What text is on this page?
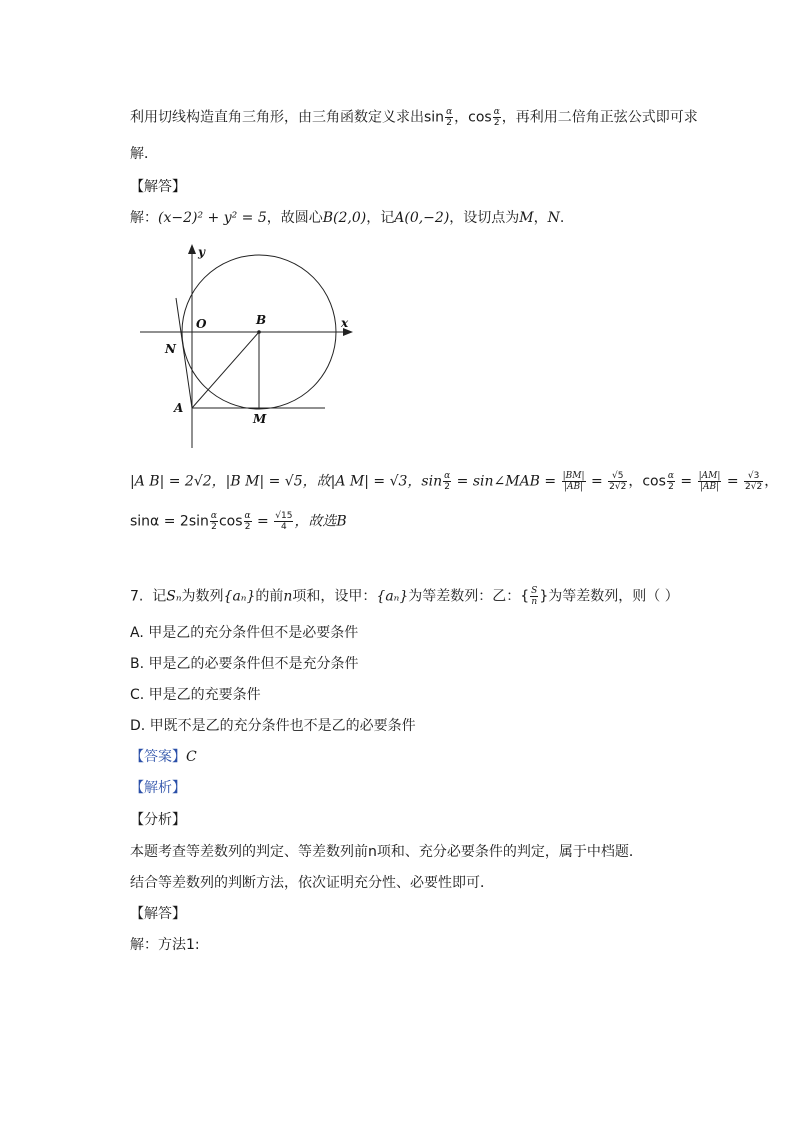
利用切线构造直角三角形，由三角函数定义求出$\sin \frac{\alpha}{2}$ ，$\cos \frac{\alpha}{2}$ ，再利用二倍角正弦公式即可求
解．
【解答】
解：(x−2)² + y² = 5，故圆心B(2,0)，记A(0,−2)，设切点为M，N.
y
x
O	B
N
A
M
|A B| = 2√2，|B M| = √5，故|A M| = √3，$\sin \frac{\alpha}{2}$ = sin∠MAB = $\frac{|BM|}{|AB|} = \frac{√5}{2√2}$ ，$\cos \frac{\alpha}{2} = \frac{|AM|}{|AB|} = \frac{√3}{2√2}$ ，
$\sin\alpha = 2\sin \frac{\alpha}{2}$ $\cos \frac{\alpha}{2} = \frac{√15}{4}$ ，故选B
7. 记Sₙ为数列{aₙ}的前n项和，设甲：{aₙ}为等差数列：乙：{ $\frac{S}{n}$ }为等差数列，则（ ）
A. 甲是乙的充分条件但不是必要条件
B. 甲是乙的必要条件但不是充分条件
C. 甲是乙的充要条件
D. 甲既不是乙的充分条件也不是乙的必要条件
【答案】C
【解析】
【分析】
本题考查等差数列的判定、等差数列前n项和、充分必要条件的判定，属于中档题．
结合等差数列的判断方法，依次证明充分性、必要性即可．
【解答】
解：方法1:
